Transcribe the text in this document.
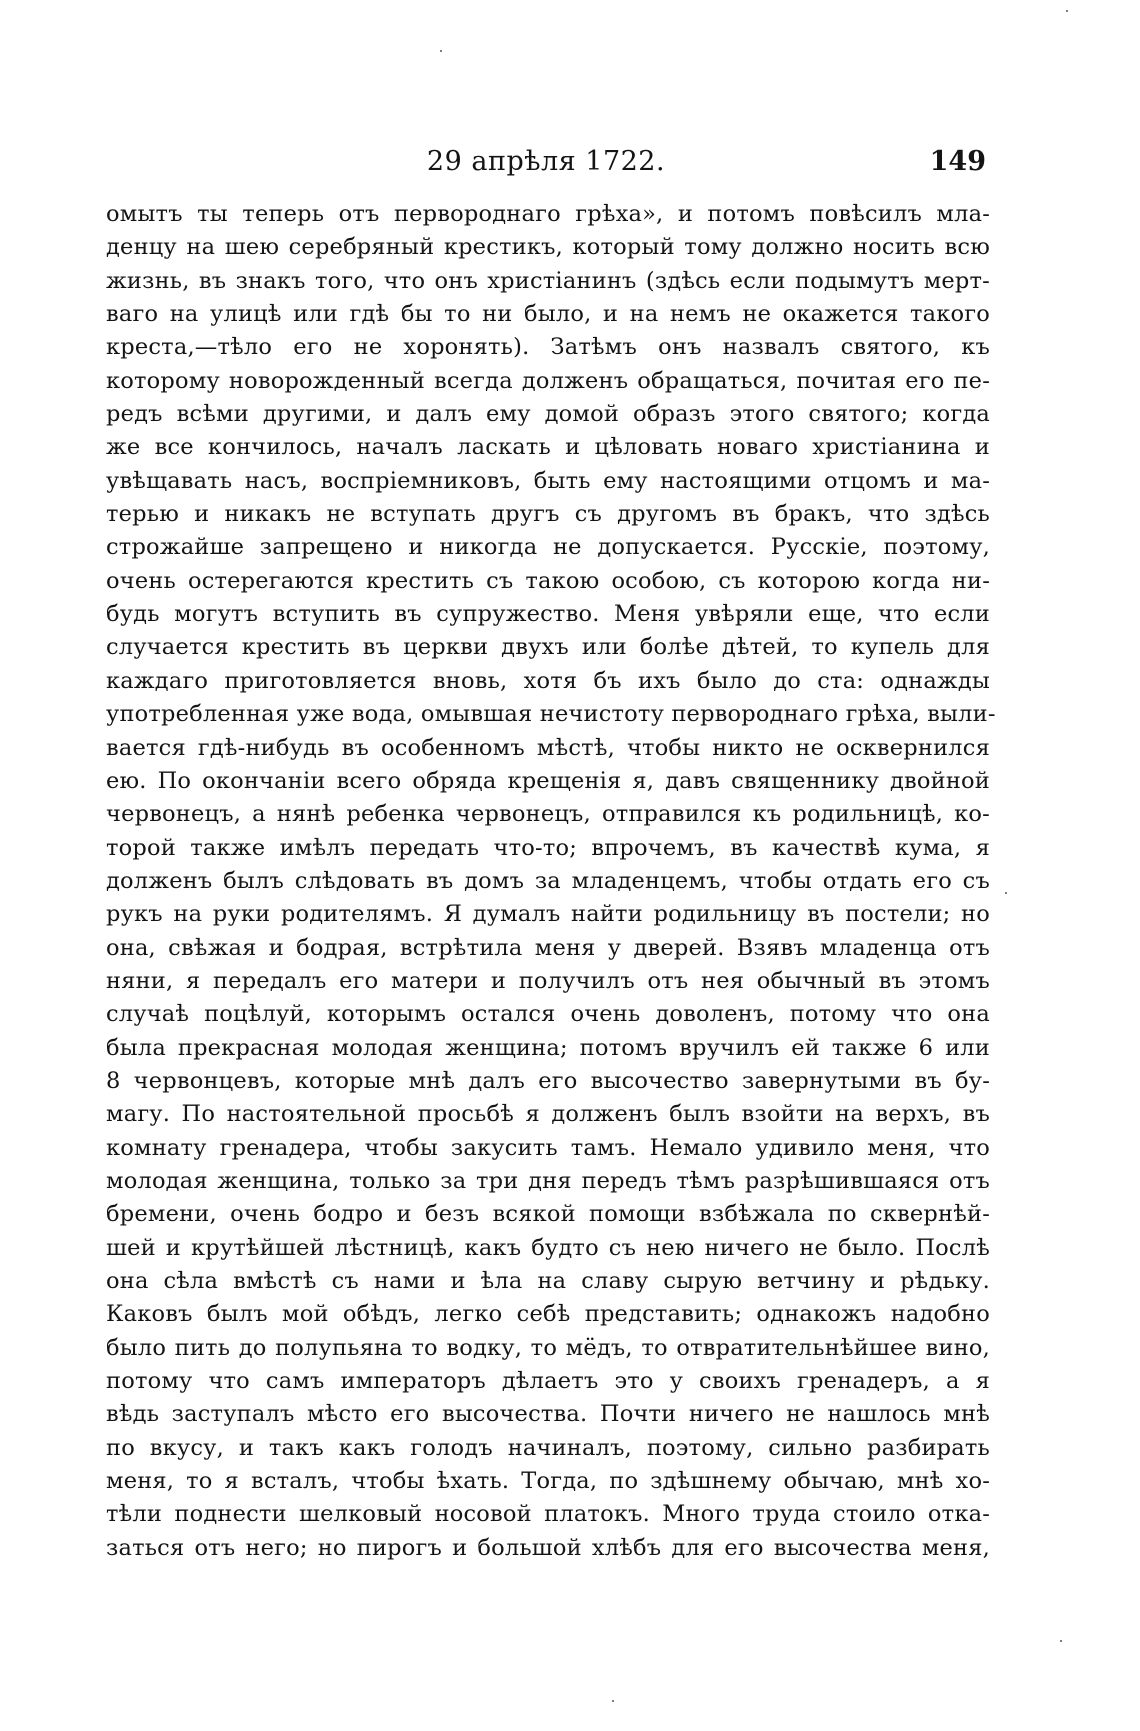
29 апрѣля 1722.	149
омытъ ты теперь отъ первороднаго грѣха», и потомъ повѣсилъ мла-
денцу на шею серебряный крестикъ, который тому должно носить всю
жизнь, въ знакъ того, что онъ христіанинъ (здѣсь если подымутъ мерт-
ваго на улицѣ или гдѣ бы то ни было, и на немъ не окажется такого
креста,—тѣло его не хоронять). Затѣмъ онъ назвалъ святого, къ
которому новорожденный всегда долженъ обращаться, почитая его пе-
редъ всѣми другими, и далъ ему домой образъ этого святого; когда
же все кончилось, началъ ласкать и цѣловать новаго христіанина и
увѣщавать насъ, воспріемниковъ, быть ему настоящими отцомъ и ма-
терью и никакъ не вступать другъ съ другомъ въ бракъ, что здѣсь
строжайше запрещено и никогда не допускается. Русскіе, поэтому,
очень остерегаются крестить съ такою особою, съ которою когда ни-
будь могутъ вступить въ супружество. Меня увѣряли еще, что если
случается крестить въ церкви двухъ или болѣе дѣтей, то купель для
каждаго приготовляется вновь, хотя бъ ихъ было до ста: однажды
употребленная уже вода, омывшая нечистоту первороднаго грѣха, выли-
вается гдѣ-нибудь въ особенномъ мѣстѣ, чтобы никто не осквернился
ею. По окончаніи всего обряда крещенія я, давъ священнику двойной
червонецъ, а нянѣ ребенка червонецъ, отправился къ родильницѣ, ко-
торой также имѣлъ передать что-то; впрочемъ, въ качествѣ кума, я
долженъ былъ слѣдовать въ домъ за младенцемъ, чтобы отдать его съ
рукъ на руки родителямъ. Я думалъ найти родильницу въ постели; но
она, свѣжая и бодрая, встрѣтила меня у дверей. Взявъ младенца отъ
няни, я передалъ его матери и получилъ отъ нея обычный въ этомъ
случаѣ поцѣлуй, которымъ остался очень доволенъ, потому что она
была прекрасная молодая женщина; потомъ вручилъ ей также 6 или
8 червонцевъ, которые мнѣ далъ его высочество завернутыми въ бу-
магу. По настоятельной просьбѣ я долженъ былъ взойти на верхъ, въ
комнату гренадера, чтобы закусить тамъ. Немало удивило меня, что
молодая женщина, только за три дня передъ тѣмъ разрѣшившаяся отъ
бремени, очень бодро и безъ всякой помощи взбѣжала по сквернѣй-
шей и крутѣйшей лѣстницѣ, какъ будто съ нею ничего не было. Послѣ
она сѣла вмѣстѣ съ нами и ѣла на славу сырую ветчину и рѣдьку.
Каковъ былъ мой обѣдъ, легко себѣ представить; однакожъ надобно
было пить до полупьяна то водку, то мёдъ, то отвратительнѣйшее вино,
потому что самъ императоръ дѣлаетъ это у своихъ гренадеръ, а я
вѣдь заступалъ мѣсто его высочества. Почти ничего не нашлось мнѣ
по вкусу, и такъ какъ голодъ начиналъ, поэтому, сильно разбирать
меня, то я всталъ, чтобы ѣхать. Тогда, по здѣшнему обычаю, мнѣ хо-
тѣли поднести шелковый носовой платокъ. Много труда стоило отка-
заться отъ него; но пирогъ и большой хлѣбъ для его высочества меня,
